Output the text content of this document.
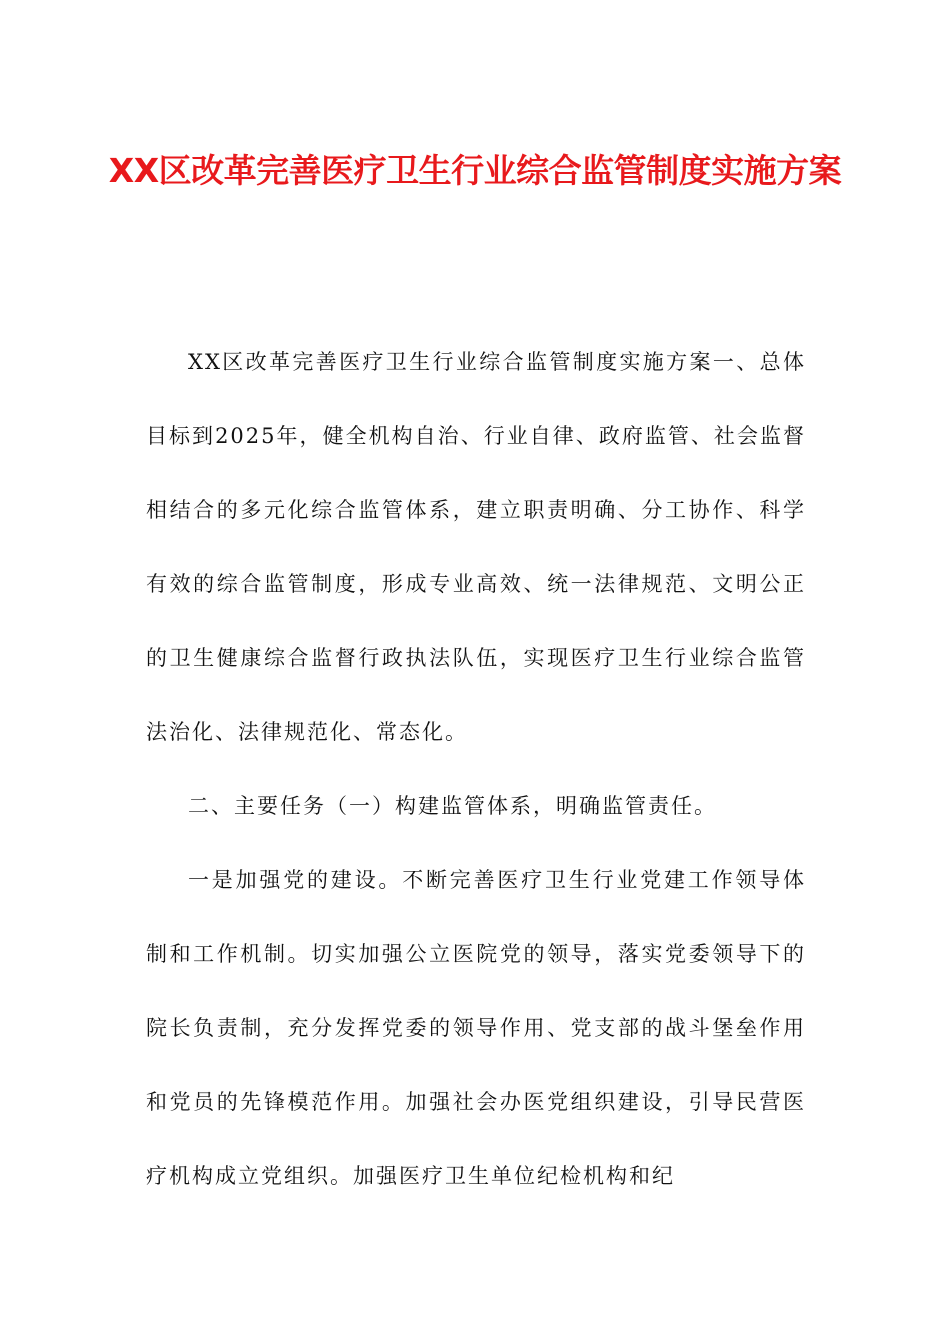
XX区改革完善医疗卫生行业综合监管制度实施方案

XX区改革完善医疗卫生行业综合监管制度实施方案一、总体目标到2025年，健全机构自治、行业自律、政府监管、社会监督相结合的多元化综合监管体系，建立职责明确、分工协作、科学有效的综合监管制度，形成专业高效、统一法律规范、文明公正的卫生健康综合监督行政执法队伍，实现医疗卫生行业综合监管法治化、法律规范化、常态化。

二、主要任务（一）构建监管体系，明确监管责任。

一是加强党的建设。不断完善医疗卫生行业党建工作领导体制和工作机制。切实加强公立医院党的领导，落实党委领导下的院长负责制，充分发挥党委的领导作用、党支部的战斗堡垒作用和党员的先锋模范作用。加强社会办医党组织建设，引导民营医疗机构成立党组织。加强医疗卫生单位纪检机构和纪
